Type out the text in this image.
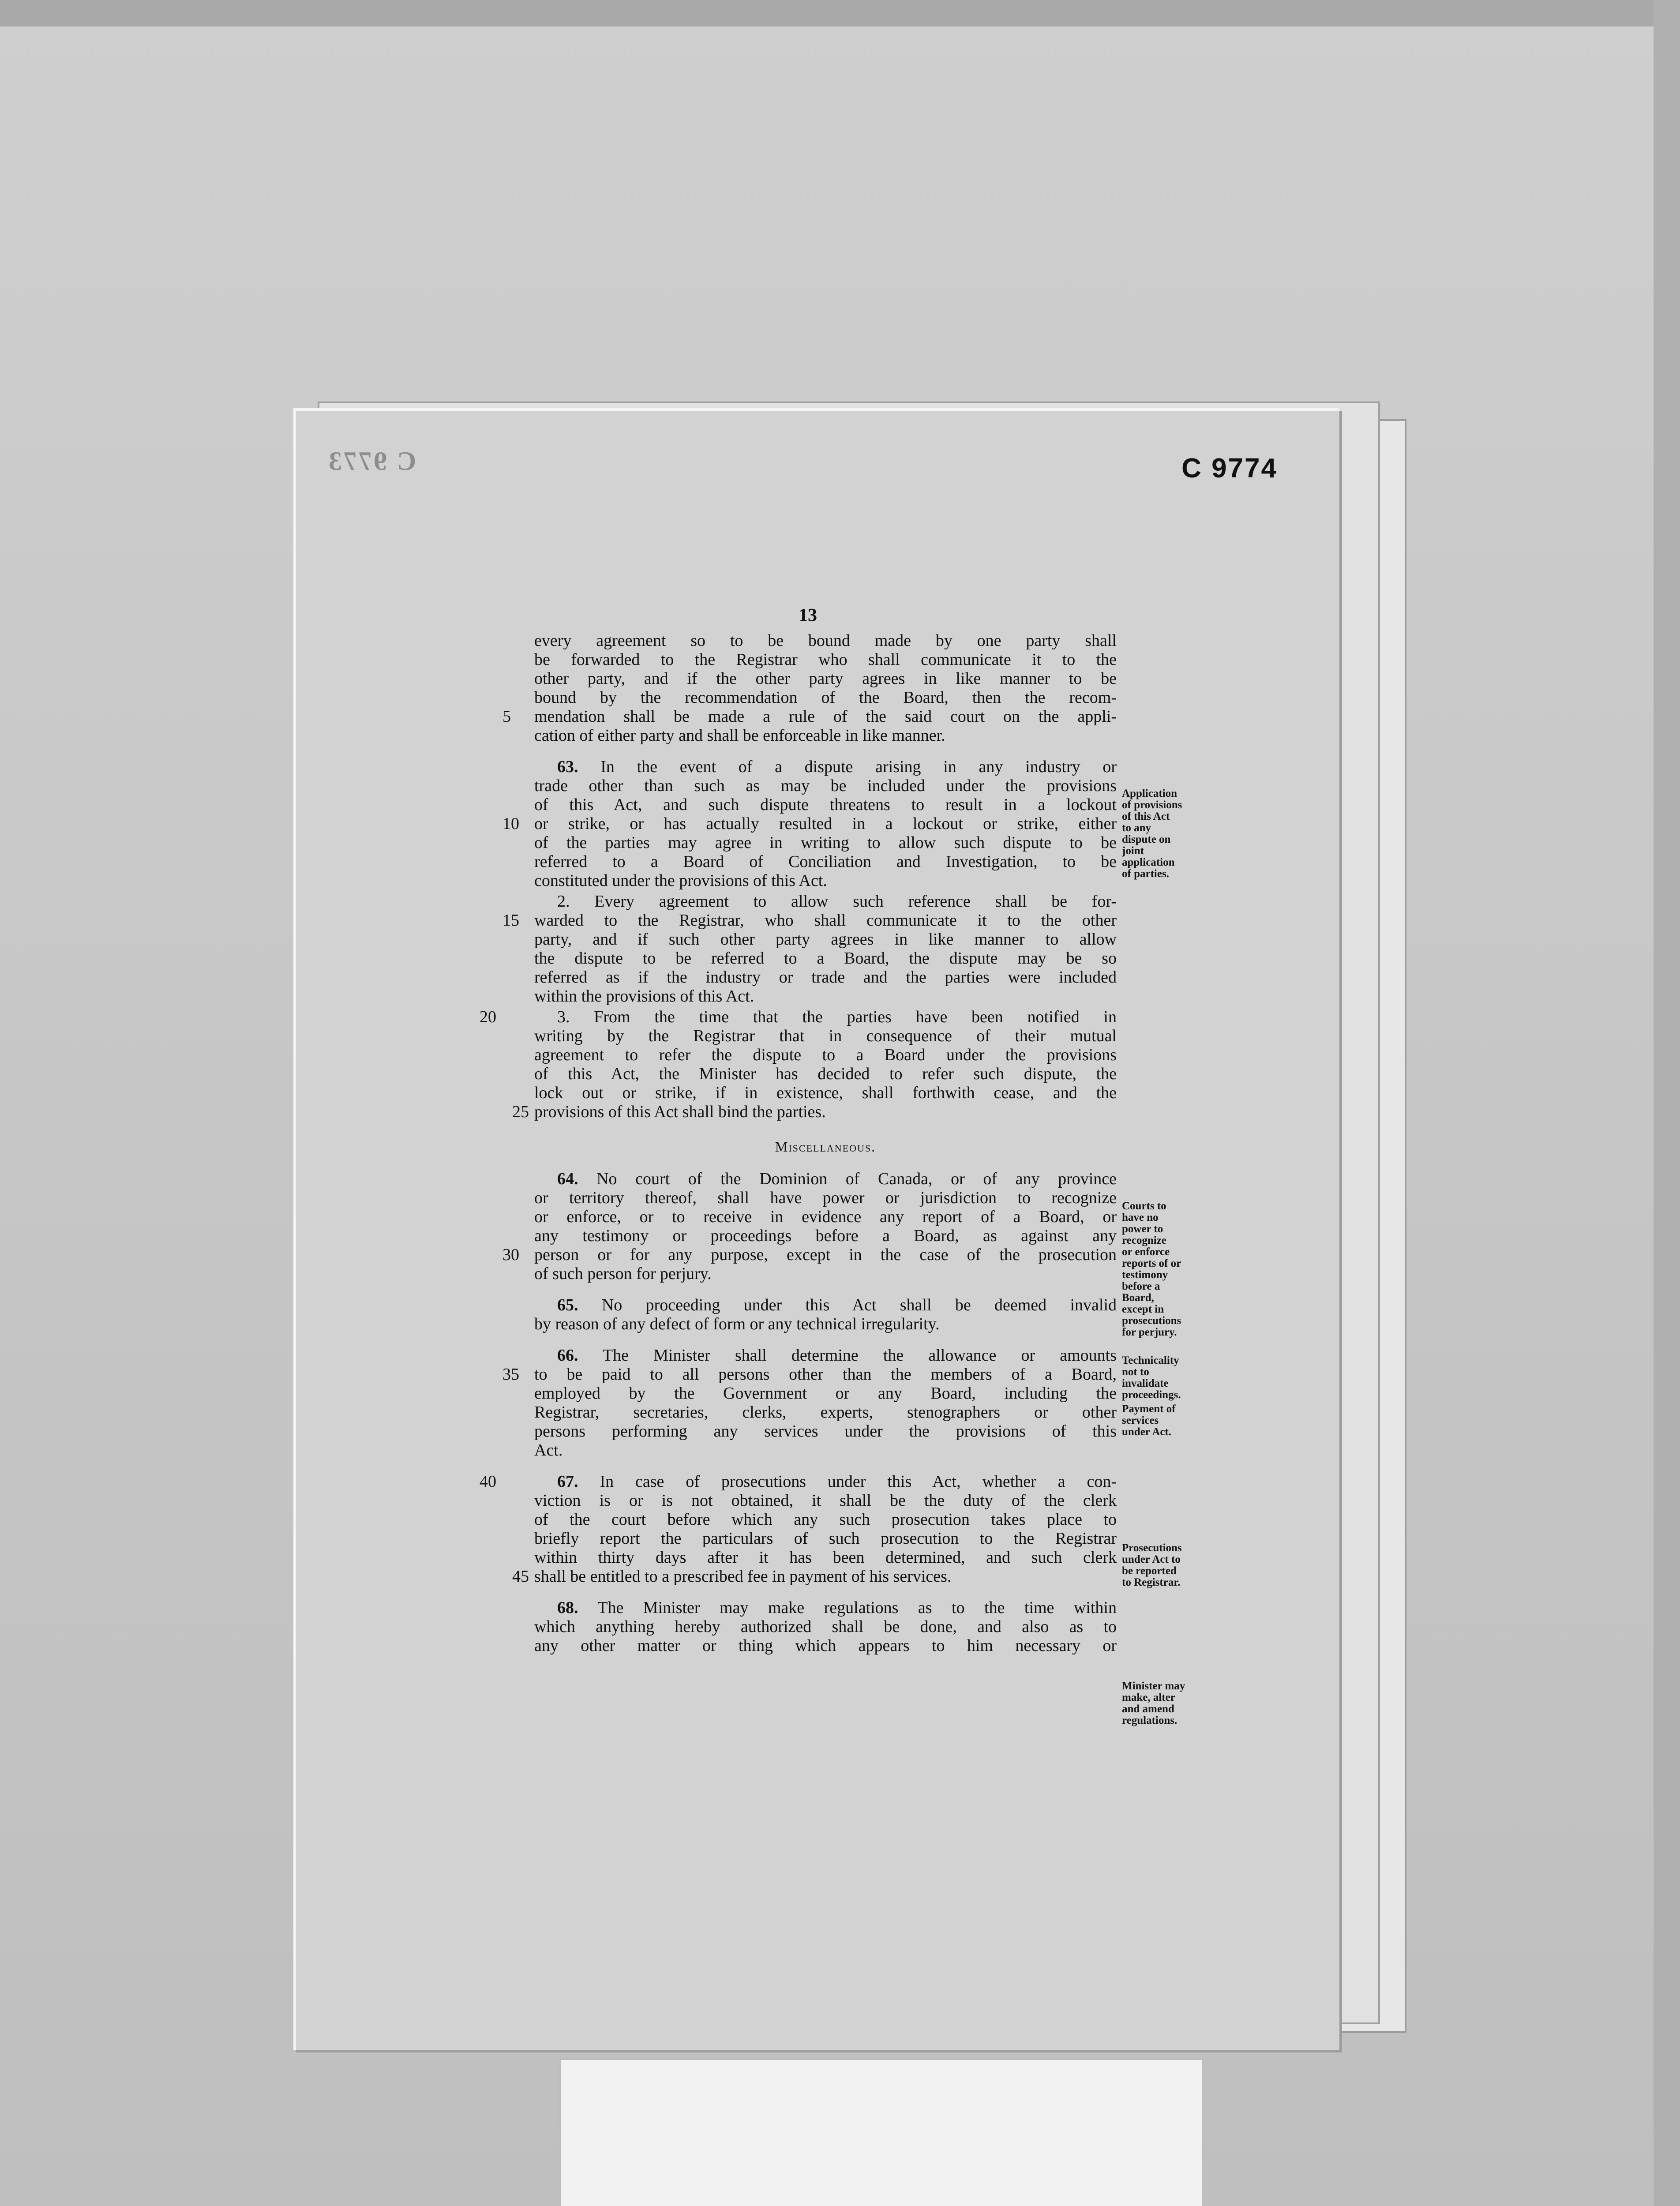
C 9773	C 9774
13
every agreement so to be bound made by one party shall
be forwarded to the Registrar who shall communicate it to the
other party, and if the other party agrees in like manner to be
bound by the recommendation of the Board, then the recom-
5	mendation shall be made a rule of the said court on the appli-
cation of either party and shall be enforceable in like manner.
63. In the event of a dispute arising in any industry or
trade other than such as may be included under the provisions
of this Act, and such dispute threatens to result in a lockout
10 or strike, or has actually resulted in a lockout or strike, either
of the parties may agree in writing to allow such dispute to be
referred to a Board of Conciliation and Investigation, to be
constituted under the provisions of this Act.
2. Every agreement to allow such reference shall be for-
15 warded to the Registrar, who shall communicate it to the other
party, and if such other party agrees in like manner to allow
the dispute to be referred to a Board, the dispute may be so
referred as if the industry or trade and the parties were included
within the provisions of this Act.
20	3. From the time that the parties have been notified in
writing by the Registrar that in consequence of their mutual
agreement to refer the dispute to a Board under the provisions
of this Act, the Minister has decided to refer such dispute, the
lock out or strike, if in existence, shall forthwith cease, and the
25 provisions of this Act shall bind the parties.
Miscellaneous.
64. No court of the Dominion of Canada, or of any province
or territory thereof, shall have power or jurisdiction to recognize
or enforce, or to receive in evidence any report of a Board, or
any testimony or proceedings before a Board, as against any
30 person or for any purpose, except in the case of the prosecution
of such person for perjury.
65. No proceeding under this Act shall be deemed invalid
by reason of any defect of form or any technical irregularity.
66. The Minister shall determine the allowance or amounts
35 to be paid to all persons other than the members of a Board,
employed by the Government or any Board, including the
Registrar, secretaries, clerks, experts, stenographers or other
persons performing any services under the provisions of this
Act.
40	67. In case of prosecutions under this Act, whether a con-
viction is or is not obtained, it shall be the duty of the clerk
of the court before which any such prosecution takes place to
briefly report the particulars of such prosecution to the Registrar
within thirty days after it has been determined, and such clerk
45 shall be entitled to a prescribed fee in payment of his services.
68. The Minister may make regulations as to the time within
which anything hereby authorized shall be done, and also as to
any other matter or thing which appears to him necessary or
Application
of provisions
of this Act
to any
dispute on
joint
application
of parties.
Courts to
have no
power to
recognize
or enforce
reports of or
testimony
before a
Board,
except in
prosecutions
for perjury.
Technicality
not to
invalidate
proceedings.
Payment of
services
under Act.
Prosecutions
under Act to
be reported
to Registrar.
Minister may
make, alter
and amend
regulations.
